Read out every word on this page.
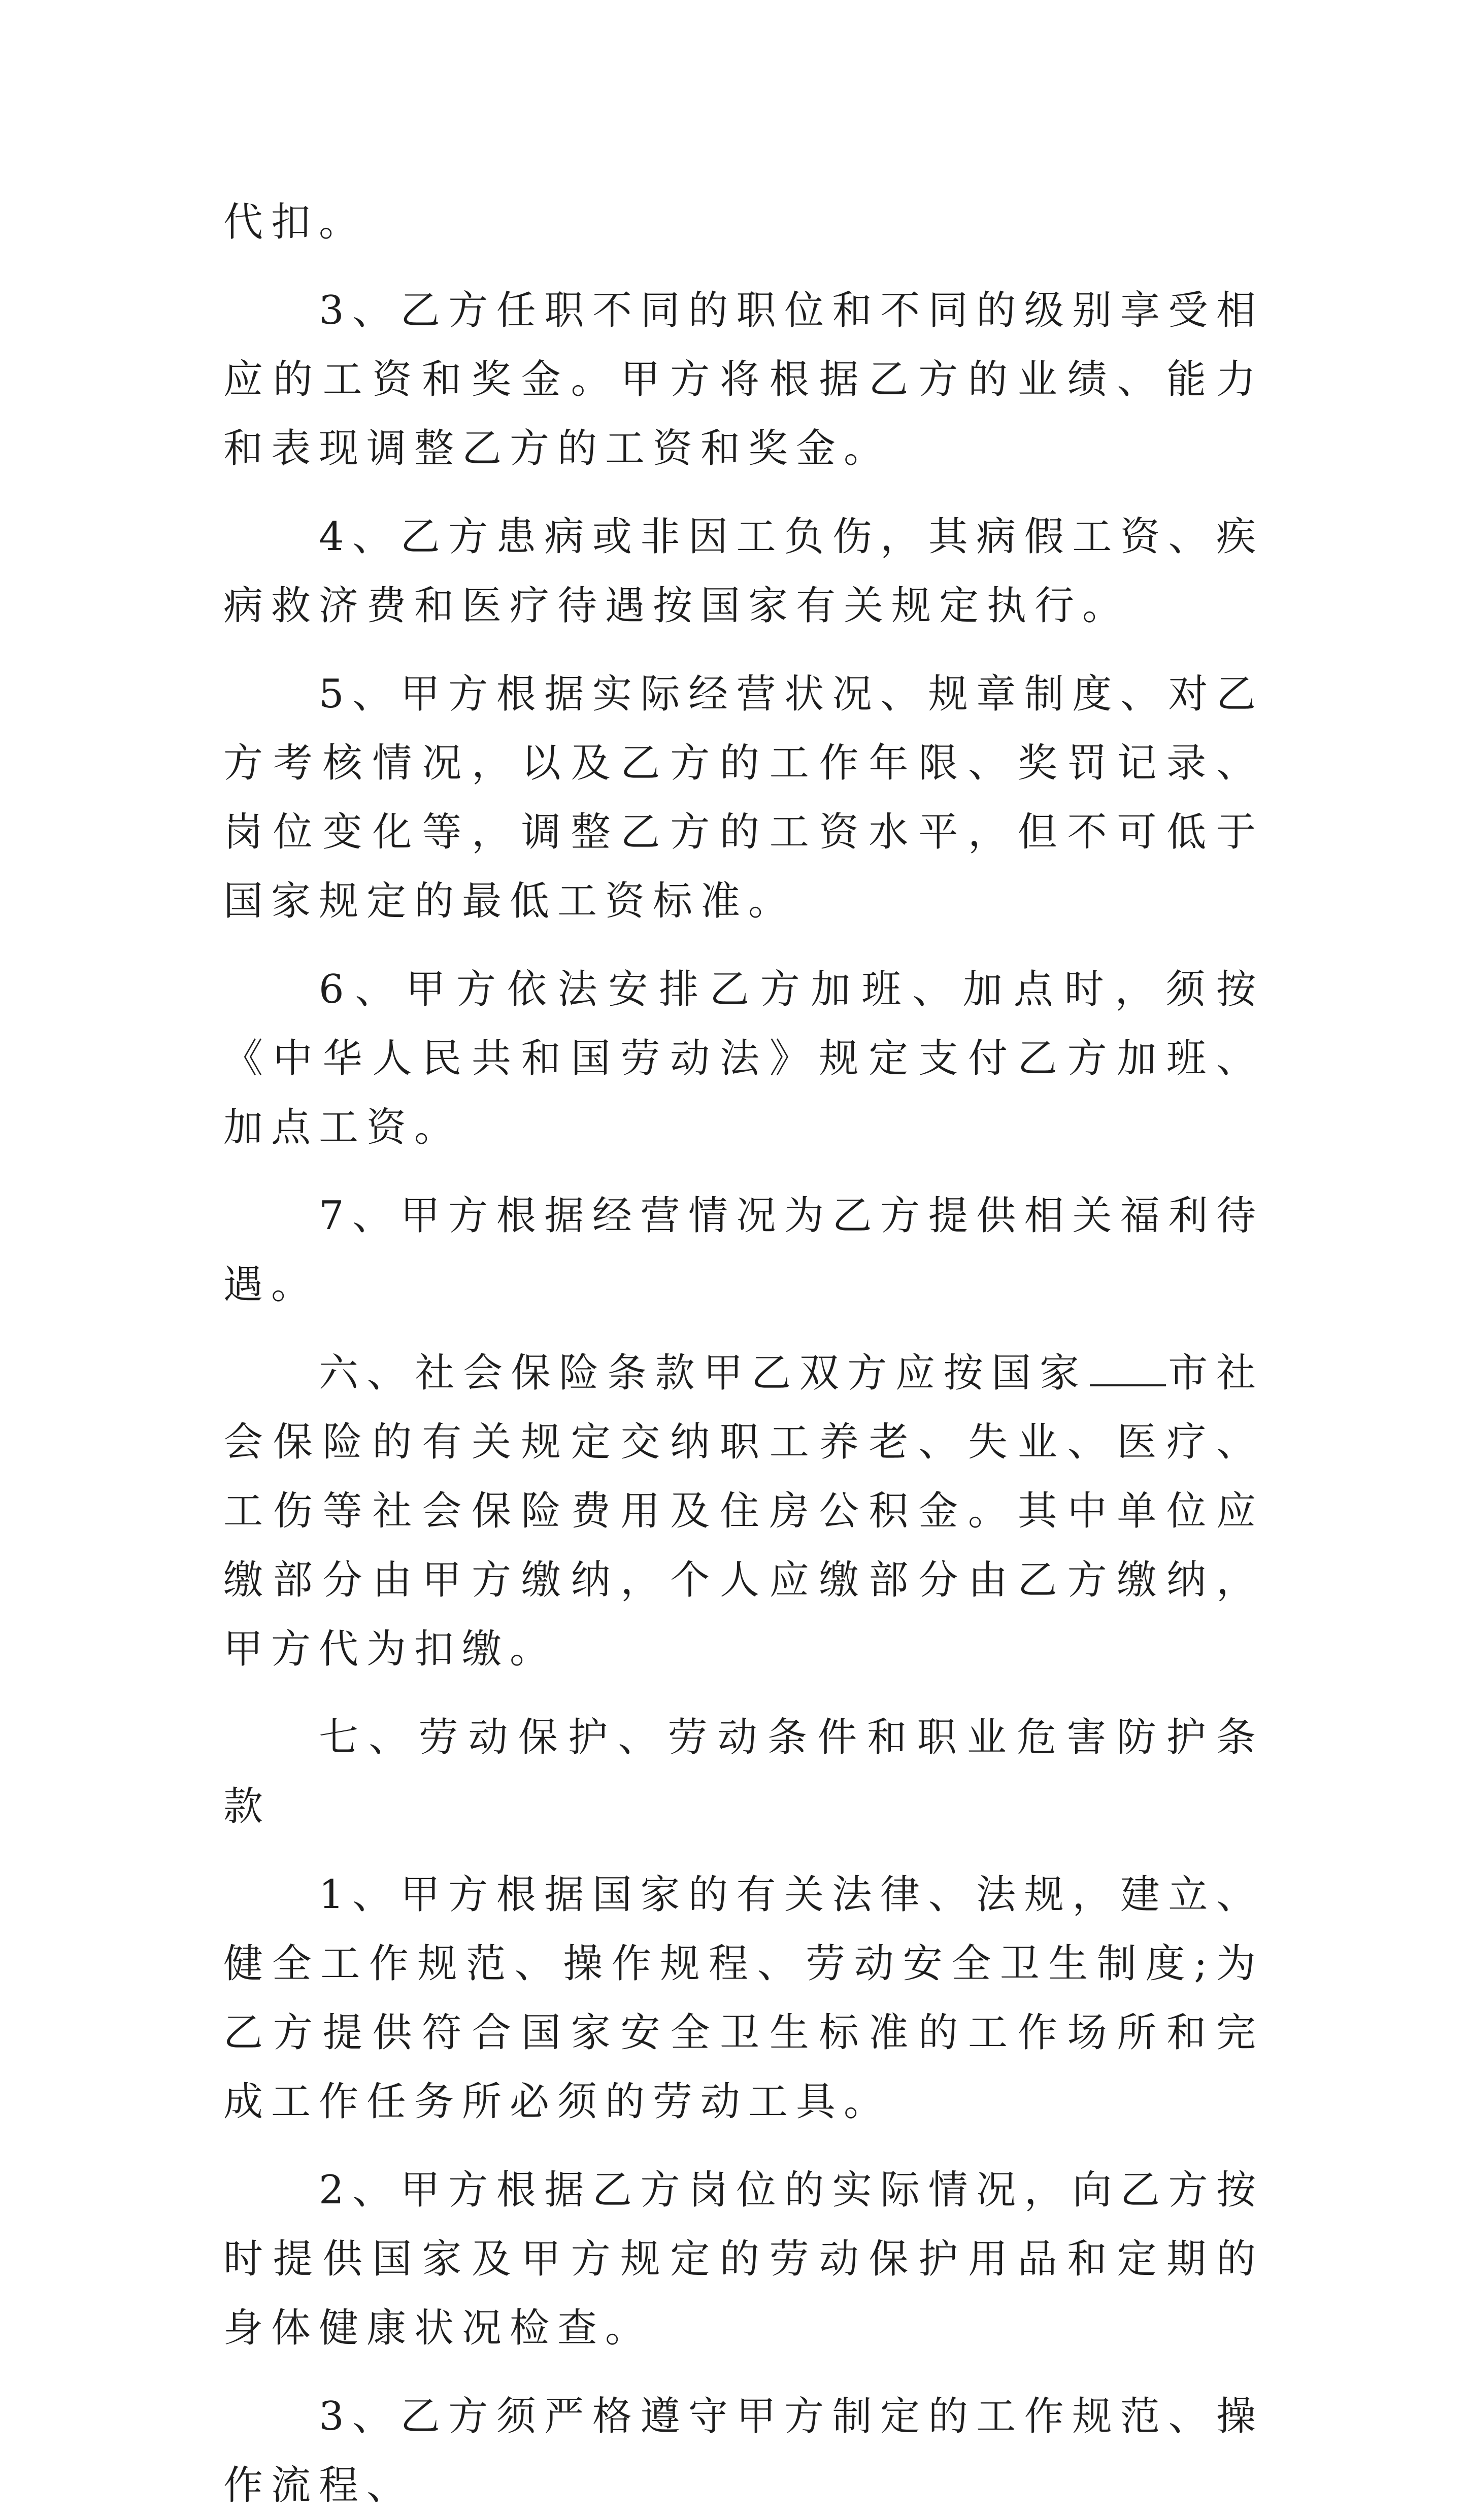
代扣。

3、乙方任职不同的职位和不同的级别享受相应的工资和奖金。甲方将根据乙方的业绩、能力和表现调整乙方的工资和奖金。

4、乙方患病或非因工负伤，其病假工资、疾病救济费和医疗待遇按国家有关规定执行。

5、甲方根据实际经营状况、规章制度、对乙方考核情况，以及乙方的工作年限、奖罚记录、岗位变化等，调整乙方的工资水平，但不可低于国家规定的最低工资标准。

6、甲方依法安排乙方加班、加点时，须按《中华人民共和国劳动法》规定支付乙方加班、加点工资。

7、甲方根据经营情况为乙方提供相关福利待遇。

六、社会保险条款甲乙双方应按国家 市社会保险的有关规定交纳职工养老、失业、医疗、工伤等社会保险费用及住房公积金。其中单位应缴部分由甲方缴纳，个人应缴部分由乙方缴纳，甲方代为扣缴。

七、劳动保护、劳动条件和职业危害防护条款

1、甲方根据国家的有关法律、法规，建立、健全工作规范、操作规程、劳动安全卫生制度;为乙方提供符合国家安全卫生标准的工作场所和完成工作任务所必须的劳动工具。

2、甲方根据乙方岗位的实际情况，向乙方按时提供国家及甲方规定的劳动保护用品和定期的身体健康状况检查。

3、乙方须严格遵守甲方制定的工作规范、操作流程、
